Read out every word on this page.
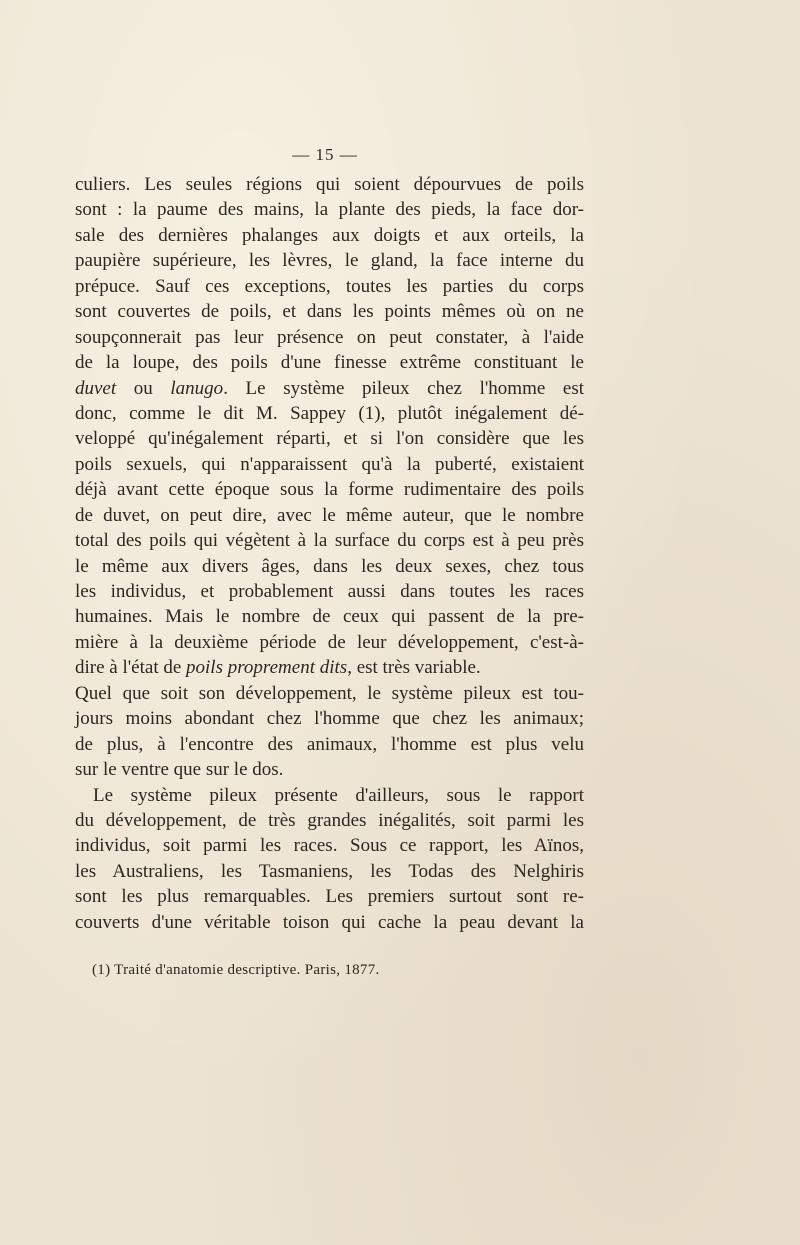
— 15 —
culiers. Les seules régions qui soient dépourvues de poils
sont : la paume des mains, la plante des pieds, la face dor-
sale des dernières phalanges aux doigts et aux orteils, la
paupière supérieure, les lèvres, le gland, la face interne du
prépuce. Sauf ces exceptions, toutes les parties du corps
sont couvertes de poils, et dans les points mêmes où on ne
soupçonnerait pas leur présence on peut constater, à l'aide
de la loupe, des poils d'une finesse extrême constituant le
duvet ou lanugo. Le système pileux chez l'homme est
donc, comme le dit M. Sappey (1), plutôt inégalement dé-
veloppé qu'inégalement réparti, et si l'on considère que les
poils sexuels, qui n'apparaissent qu'à la puberté, existaient
déjà avant cette époque sous la forme rudimentaire des poils
de duvet, on peut dire, avec le même auteur, que le nombre
total des poils qui végètent à la surface du corps est à peu près
le même aux divers âges, dans les deux sexes, chez tous
les individus, et probablement aussi dans toutes les races
humaines. Mais le nombre de ceux qui passent de la pre-
mière à la deuxième période de leur développement, c'est-à-
dire à l'état de poils proprement dits, est très variable.
Quel que soit son développement, le système pileux est tou-
jours moins abondant chez l'homme que chez les animaux;
de plus, à l'encontre des animaux, l'homme est plus velu
sur le ventre que sur le dos.
Le système pileux présente d'ailleurs, sous le rapport
du développement, de très grandes inégalités, soit parmi les
individus, soit parmi les races. Sous ce rapport, les Aïnos,
les Australiens, les Tasmaniens, les Todas des Nelghiris
sont les plus remarquables. Les premiers surtout sont re-
couverts d'une véritable toison qui cache la peau devant la
(1) Traité d'anatomie descriptive. Paris, 1877.
